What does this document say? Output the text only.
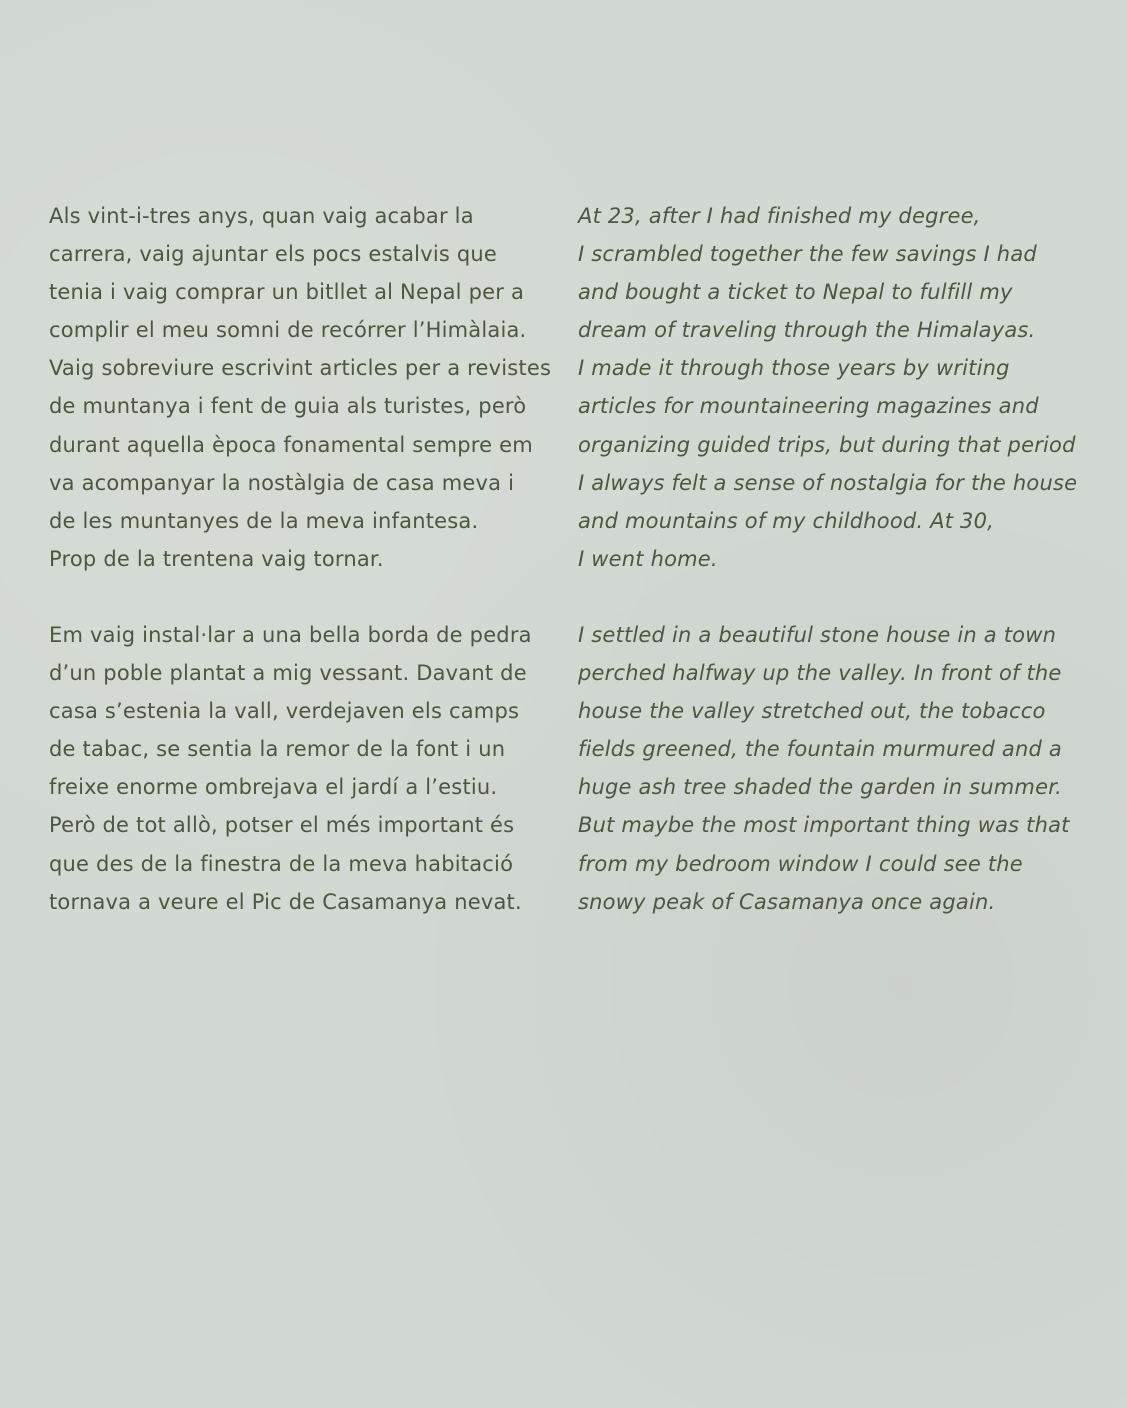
Als vint-i-tres anys, quan vaig acabar la
carrera, vaig ajuntar els pocs estalvis que
tenia i vaig comprar un bitllet al Nepal per a
complir el meu somni de recórrer l’Himàlaia.
Vaig sobreviure escrivint articles per a revistes
de muntanya i fent de guia als turistes, però
durant aquella època fonamental sempre em
va acompanyar la nostàlgia de casa meva i
de les muntanyes de la meva infantesa.
Prop de la trentena vaig tornar.

Em vaig instal·lar a una bella borda de pedra
d’un poble plantat a mig vessant. Davant de
casa s’estenia la vall, verdejaven els camps
de tabac, se sentia la remor de la font i un
freixe enorme ombrejava el jardí a l’estiu.
Però de tot allò, potser el més important és
que des de la finestra de la meva habitació
tornava a veure el Pic de Casamanya nevat.

At 23, after I had finished my degree,
I scrambled together the few savings I had
and bought a ticket to Nepal to fulfill my
dream of traveling through the Himalayas.
I made it through those years by writing
articles for mountaineering magazines and
organizing guided trips, but during that period
I always felt a sense of nostalgia for the house
and mountains of my childhood. At 30,
I went home.

I settled in a beautiful stone house in a town
perched halfway up the valley. In front of the
house the valley stretched out, the tobacco
fields greened, the fountain murmured and a
huge ash tree shaded the garden in summer.
But maybe the most important thing was that
from my bedroom window I could see the
snowy peak of Casamanya once again.
